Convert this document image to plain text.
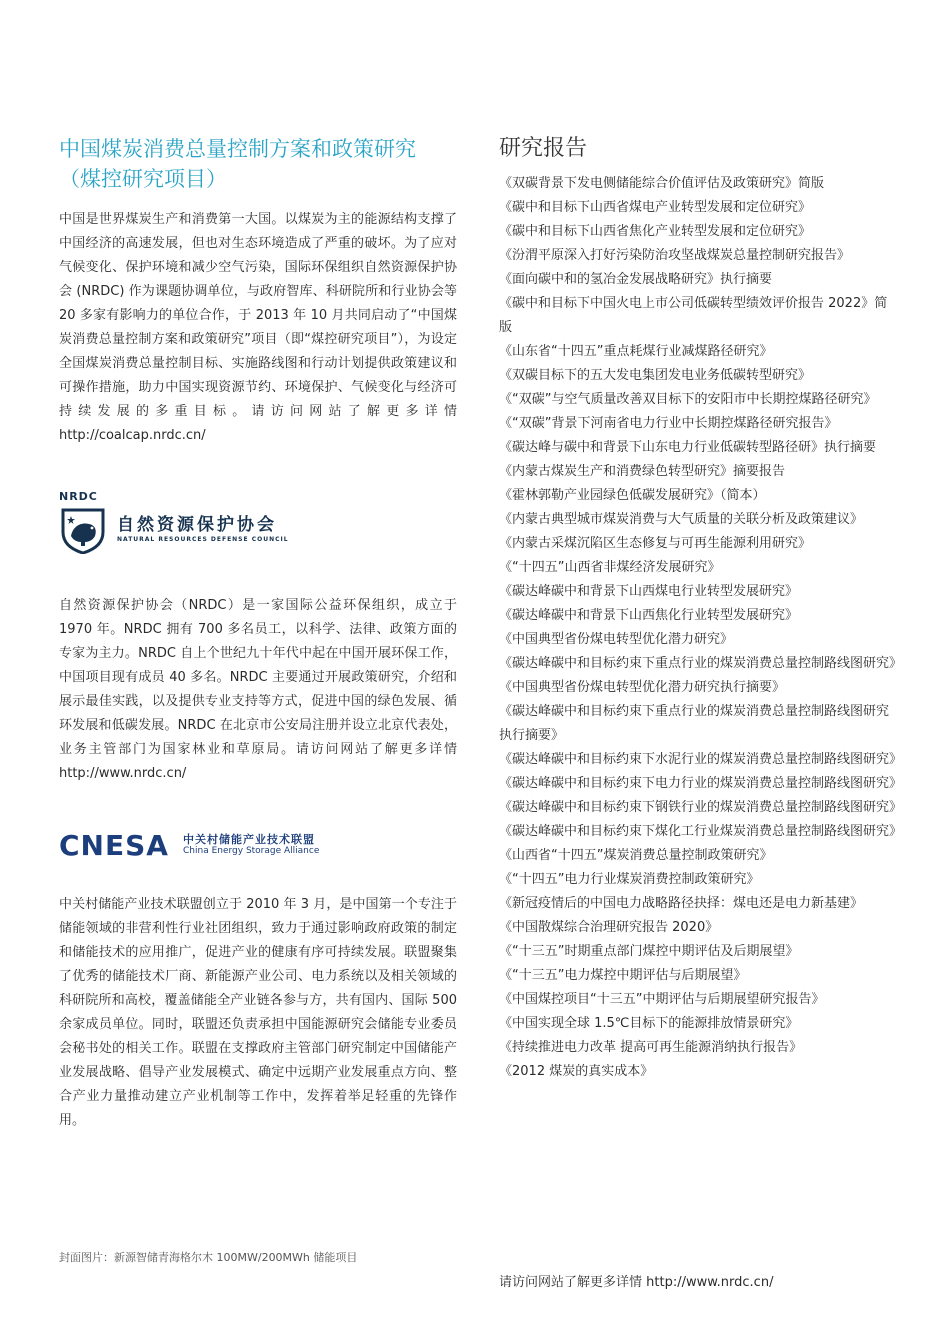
中国煤炭消费总量控制方案和政策研究
（煤控研究项目）

中国是世界煤炭生产和消费第一大国。以煤炭为主的能源结构支撑了中国经济的高速发展，但也对生态环境造成了严重的破坏。为了应对气候变化、保护环境和减少空气污染，国际环保组织自然资源保护协会 (NRDC) 作为课题协调单位，与政府智库、科研院所和行业协会等 20 多家有影响力的单位合作，于 2013 年 10 月共同启动了“中国煤炭消费总量控制方案和政策研究”项目（即“煤控研究项目”），为设定全国煤炭消费总量控制目标、实施路线图和行动计划提供政策建议和可操作措施，助力中国实现资源节约、环境保护、气候变化与经济可持续发展的多重目标。请访问网站了解更多详情 http://coalcap.nrdc.cn/

NRDC
自然资源保护协会
NATURAL RESOURCES DEFENSE COUNCIL

自然资源保护协会（NRDC）是一家国际公益环保组织，成立于 1970 年。NRDC 拥有 700 多名员工，以科学、法律、政策方面的专家为主力。NRDC 自上个世纪九十年代中起在中国开展环保工作，中国项目现有成员 40 多名。NRDC 主要通过开展政策研究，介绍和展示最佳实践，以及提供专业支持等方式，促进中国的绿色发展、循环发展和低碳发展。NRDC 在北京市公安局注册并设立北京代表处，业务主管部门为国家林业和草原局。请访问网站了解更多详情 http://www.nrdc.cn/

CNESA 中关村储能产业技术联盟
China Energy Storage Alliance

中关村储能产业技术联盟创立于 2010 年 3 月，是中国第一个专注于储能领域的非营利性行业社团组织，致力于通过影响政府政策的制定和储能技术的应用推广，促进产业的健康有序可持续发展。联盟聚集了优秀的储能技术厂商、新能源产业公司、电力系统以及相关领域的科研院所和高校，覆盖储能全产业链各参与方，共有国内、国际 500 余家成员单位。同时，联盟还负责承担中国能源研究会储能专业委员会秘书处的相关工作。联盟在支撑政府主管部门研究制定中国储能产业发展战略、倡导产业发展模式、确定中远期产业发展重点方向、整合产业力量推动建立产业机制等工作中，发挥着举足轻重的先锋作用。

封面图片：新源智储青海格尔木 100MW/200MWh 储能项目
研究报告
《双碳背景下发电侧储能综合价值评估及政策研究》简版
《碳中和目标下山西省煤电产业转型发展和定位研究》
《碳中和目标下山西省焦化产业转型发展和定位研究》
《汾渭平原深入打好污染防治攻坚战煤炭总量控制研究报告》
《面向碳中和的氢冶金发展战略研究》执行摘要
《碳中和目标下中国火电上市公司低碳转型绩效评价报告 2022》简版
《山东省“十四五”重点耗煤行业减煤路径研究》
《双碳目标下的五大发电集团发电业务低碳转型研究》
《“双碳”与空气质量改善双目标下的安阳市中长期控煤路径研究》
《“双碳”背景下河南省电力行业中长期控煤路径研究报告》
《碳达峰与碳中和背景下山东电力行业低碳转型路径研》执行摘要
《内蒙古煤炭生产和消费绿色转型研究》摘要报告
《霍林郭勒产业园绿色低碳发展研究》（简本）
《内蒙古典型城市煤炭消费与大气质量的关联分析及政策建议》
《内蒙古采煤沉陷区生态修复与可再生能源利用研究》
《“十四五”山西省非煤经济发展研究》
《碳达峰碳中和背景下山西煤电行业转型发展研究》
《碳达峰碳中和背景下山西焦化行业转型发展研究》
《中国典型省份煤电转型优化潜力研究》
《碳达峰碳中和目标约束下重点行业的煤炭消费总量控制路线图研究》
《中国典型省份煤电转型优化潜力研究执行摘要》
《碳达峰碳中和目标约束下重点行业的煤炭消费总量控制路线图研究执行摘要》
《碳达峰碳中和目标约束下水泥行业的煤炭消费总量控制路线图研究》
《碳达峰碳中和目标约束下电力行业的煤炭消费总量控制路线图研究》
《碳达峰碳中和目标约束下钢铁行业的煤炭消费总量控制路线图研究》
《碳达峰碳中和目标约束下煤化工行业煤炭消费总量控制路线图研究》
《山西省“十四五”煤炭消费总量控制政策研究》
《“十四五”电力行业煤炭消费控制政策研究》
《新冠疫情后的中国电力战略路径抉择：煤电还是电力新基建》
《中国散煤综合治理研究报告 2020》
《“十三五”时期重点部门煤控中期评估及后期展望》
《“十三五”电力煤控中期评估与后期展望》
《中国煤控项目“十三五”中期评估与后期展望研究报告》
《中国实现全球 1.5℃目标下的能源排放情景研究》
《持续推进电力改革 提高可再生能源消纳执行报告》
《2012 煤炭的真实成本》
请访问网站了解更多详情 http://www.nrdc.cn/
